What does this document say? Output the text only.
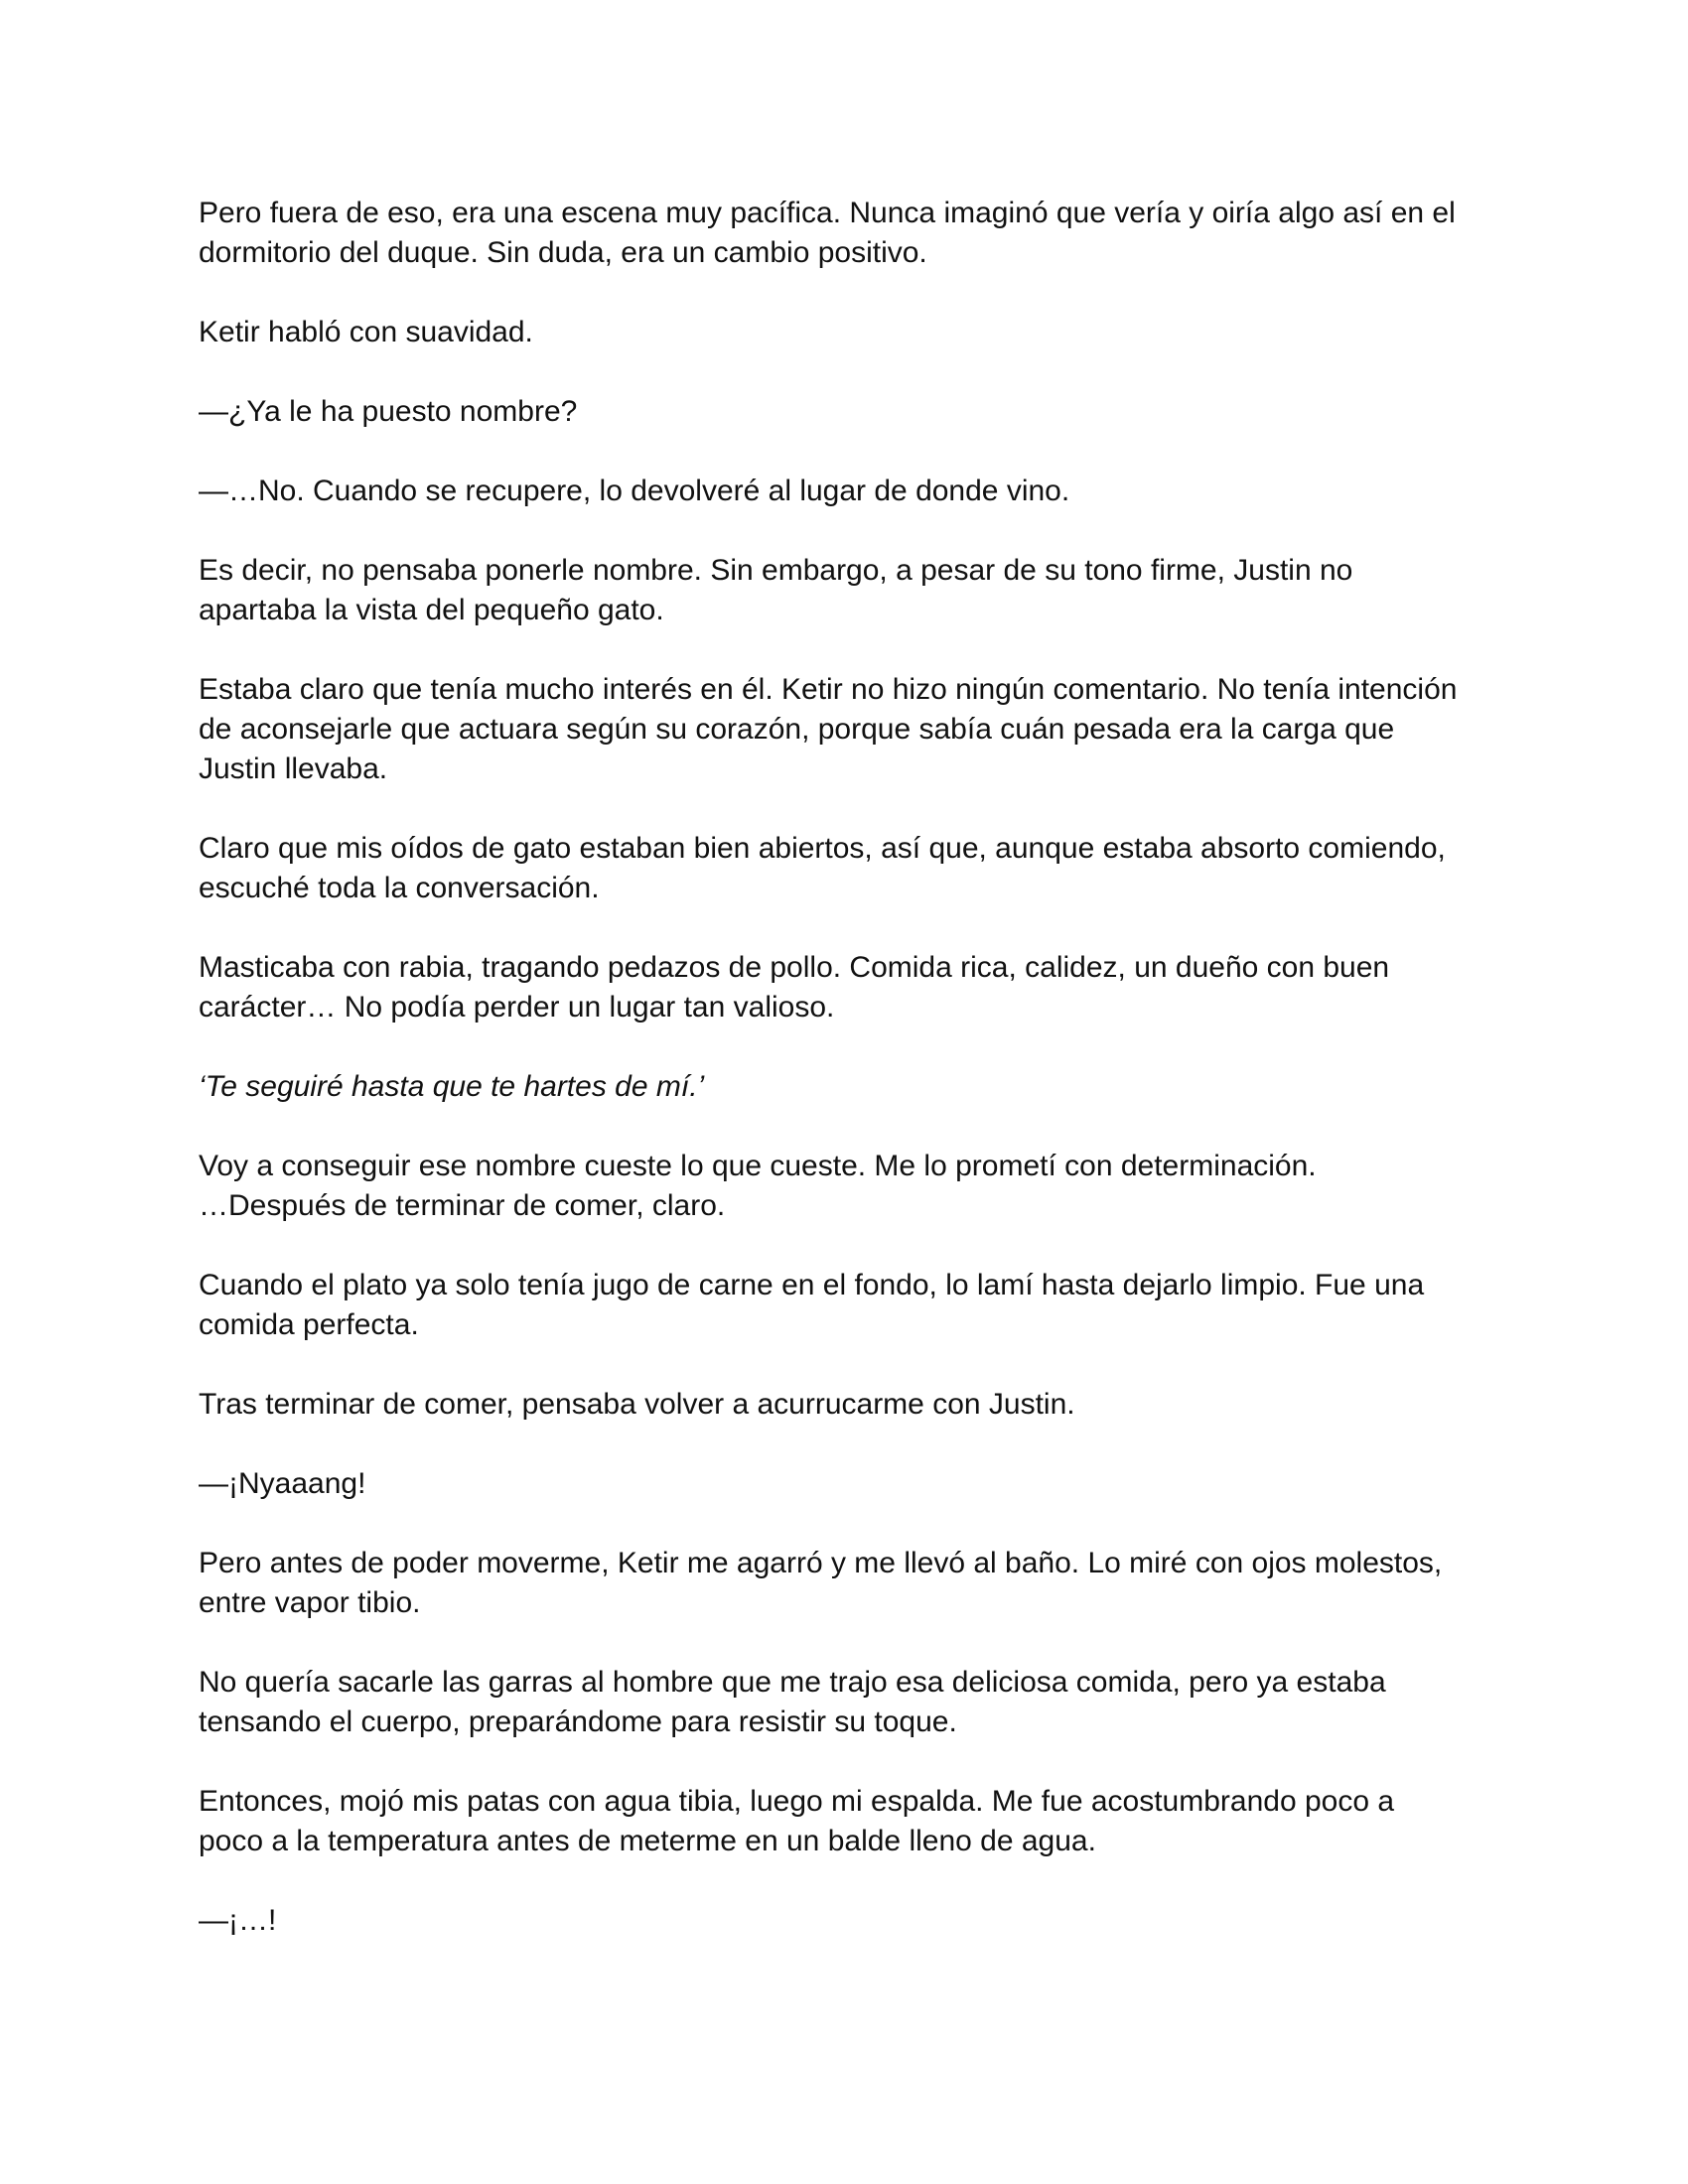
Pero fuera de eso, era una escena muy pacífica. Nunca imaginó que vería y oiría algo así en el
dormitorio del duque. Sin duda, era un cambio positivo.

Ketir habló con suavidad.

—¿Ya le ha puesto nombre?

—…No. Cuando se recupere, lo devolveré al lugar de donde vino.

Es decir, no pensaba ponerle nombre. Sin embargo, a pesar de su tono firme, Justin no
apartaba la vista del pequeño gato.

Estaba claro que tenía mucho interés en él. Ketir no hizo ningún comentario. No tenía intención
de aconsejarle que actuara según su corazón, porque sabía cuán pesada era la carga que
Justin llevaba.

Claro que mis oídos de gato estaban bien abiertos, así que, aunque estaba absorto comiendo,
escuché toda la conversación.

Masticaba con rabia, tragando pedazos de pollo. Comida rica, calidez, un dueño con buen
carácter… No podía perder un lugar tan valioso.

‘Te seguiré hasta que te hartes de mí.’

Voy a conseguir ese nombre cueste lo que cueste. Me lo prometí con determinación.
…Después de terminar de comer, claro.

Cuando el plato ya solo tenía jugo de carne en el fondo, lo lamí hasta dejarlo limpio. Fue una
comida perfecta.

Tras terminar de comer, pensaba volver a acurrucarme con Justin.

—¡Nyaaang!

Pero antes de poder moverme, Ketir me agarró y me llevó al baño. Lo miré con ojos molestos,
entre vapor tibio.

No quería sacarle las garras al hombre que me trajo esa deliciosa comida, pero ya estaba
tensando el cuerpo, preparándome para resistir su toque.

Entonces, mojó mis patas con agua tibia, luego mi espalda. Me fue acostumbrando poco a
poco a la temperatura antes de meterme en un balde lleno de agua.

—¡…!
